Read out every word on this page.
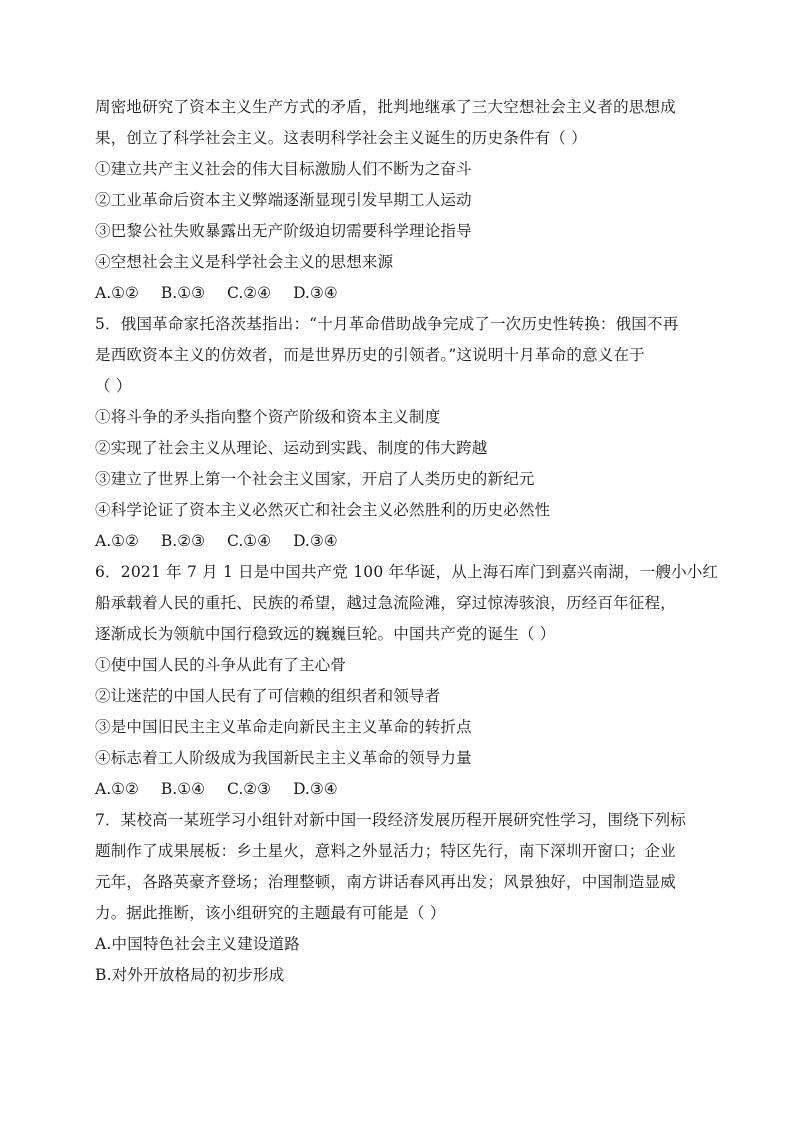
周密地研究了资本主义生产方式的矛盾，批判地继承了三大空想社会主义者的思想成
果，创立了科学社会主义。这表明科学社会主义诞生的历史条件有（ ）
①建立共产主义社会的伟大目标激励人们不断为之奋斗
②工业革命后资本主义弊端逐渐显现引发早期工人运动
③巴黎公社失败暴露出无产阶级迫切需要科学理论指导
④空想社会主义是科学社会主义的思想来源
A.①② B.①③ C.②④ D.③④
5．俄国革命家托洛茨基指出：“十月革命借助战争完成了一次历史性转换：俄国不再
是西欧资本主义的仿效者，而是世界历史的引领者。”这说明十月革命的意义在于
（ ）
①将斗争的矛头指向整个资产阶级和资本主义制度
②实现了社会主义从理论、运动到实践、制度的伟大跨越
③建立了世界上第一个社会主义国家，开启了人类历史的新纪元
④科学论证了资本主义必然灭亡和社会主义必然胜利的历史必然性
A.①② B.②③ C.①④ D.③④
6．2021 年 7 月 1 日是中国共产党 100 年华诞，从上海石库门到嘉兴南湖，一艘小小红
船承载着人民的重托、民族的希望，越过急流险滩，穿过惊涛骇浪，历经百年征程，
逐渐成长为领航中国行稳致远的巍巍巨轮。中国共产党的诞生（ ）
①使中国人民的斗争从此有了主心骨
②让迷茫的中国人民有了可信赖的组织者和领导者
③是中国旧民主主义革命走向新民主主义革命的转折点
④标志着工人阶级成为我国新民主主义革命的领导力量
A.①② B.①④ C.②③ D.③④
7．某校高一某班学习小组针对新中国一段经济发展历程开展研究性学习，围绕下列标
题制作了成果展板：乡土星火，意料之外显活力；特区先行，南下深圳开窗口；企业
元年，各路英豪齐登场；治理整顿，南方讲话春风再出发；风景独好，中国制造显威
力。据此推断，该小组研究的主题最有可能是（ ）
A.中国特色社会主义建设道路
B.对外开放格局的初步形成
